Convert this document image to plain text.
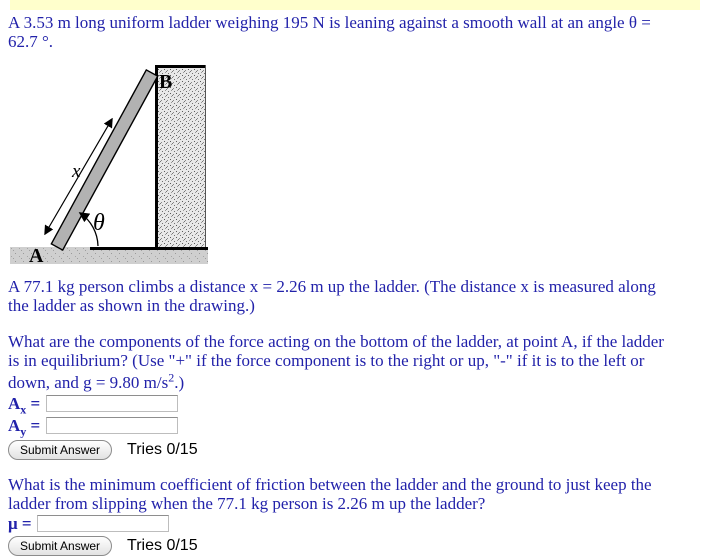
A 3.53 m long uniform ladder weighing 195 N is leaning against a smooth wall at an angle θ =
62.7 °.
x
θ
A
B
A 77.1 kg person climbs a distance x = 2.26 m up the ladder. (The distance x is measured along
the ladder as shown in the drawing.)
What are the components of the force acting on the bottom of the ladder, at point A, if the ladder
is in equilibrium? (Use "+" if the force component is to the right or up, "-" if it is to the left or
down, and g = 9.80 $m/s^2$.)
$A_x$ =
$A_y$ =
Submit Answer	Tries 0/15
What is the minimum coefficient of friction between the ladder and the ground to just keep the
ladder from slipping when the 77.1 kg person is 2.26 m up the ladder?
μ =
Submit Answer	Tries 0/15
